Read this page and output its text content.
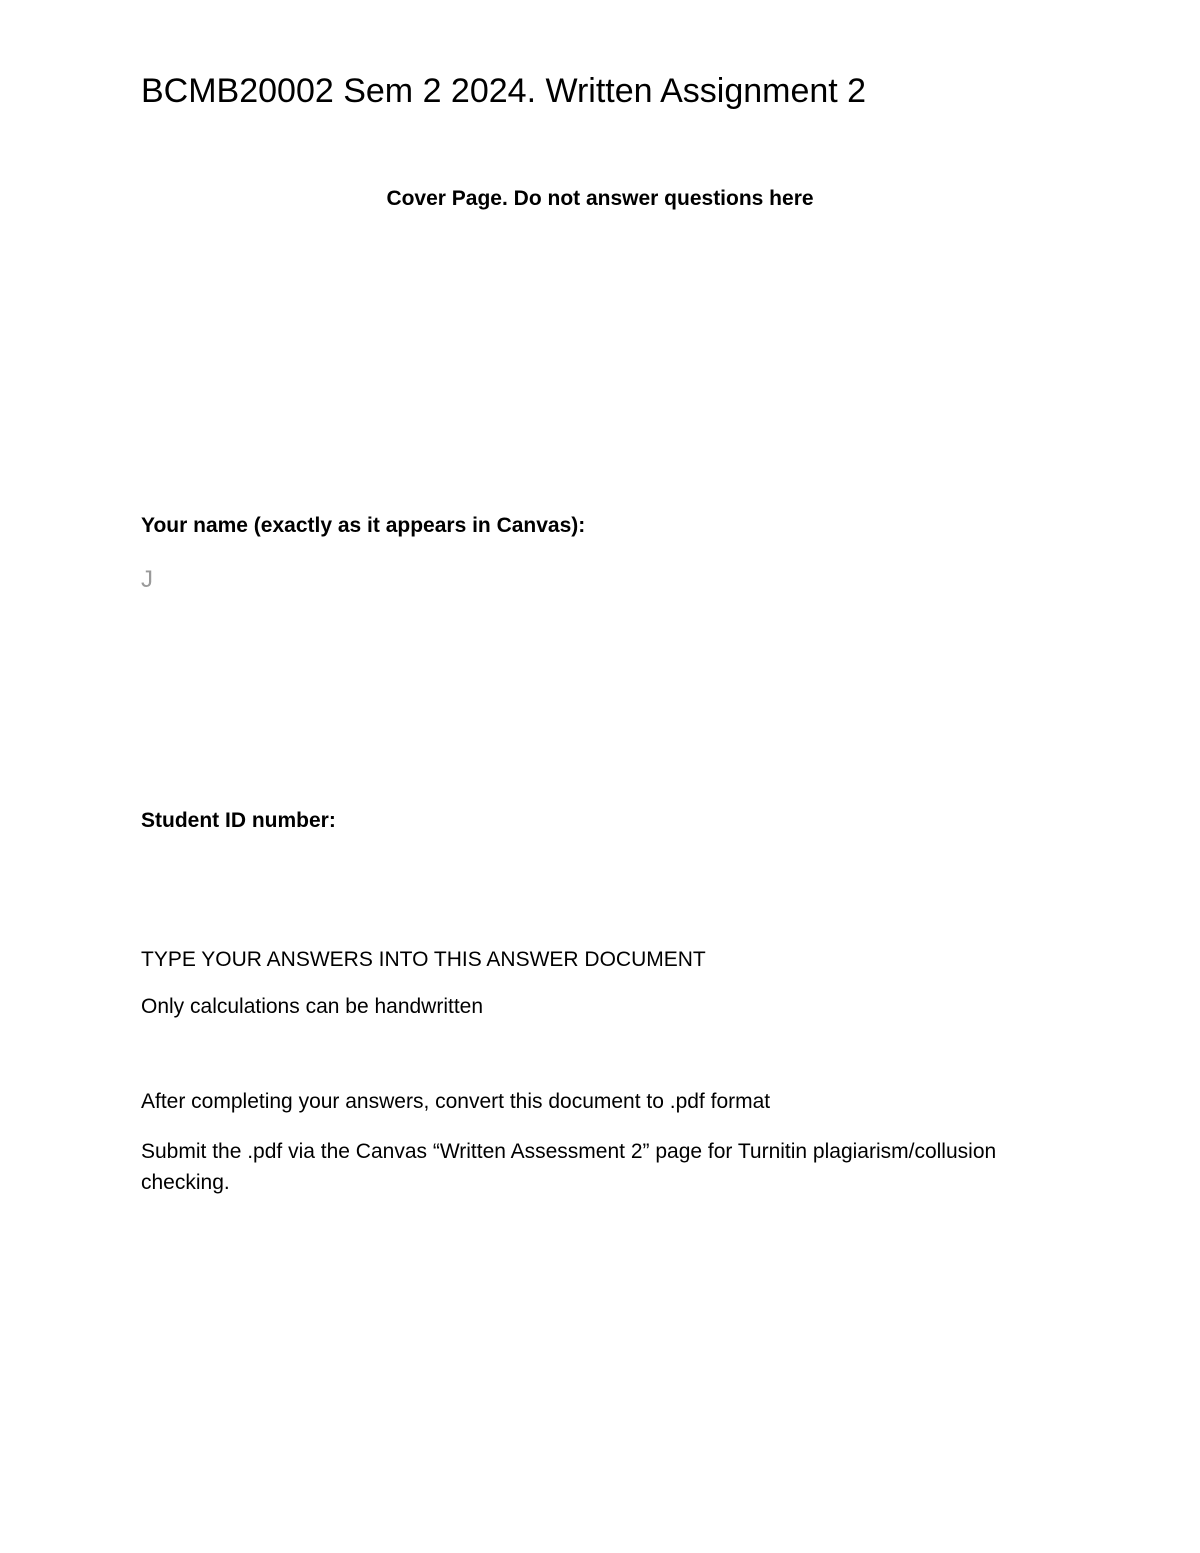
BCMB20002 Sem 2 2024. Written Assignment 2

Cover Page. Do not answer questions here

Your name (exactly as it appears in Canvas):

J

Student ID number:

TYPE YOUR ANSWERS INTO THIS ANSWER DOCUMENT

Only calculations can be handwritten

After completing your answers, convert this document to .pdf format

Submit the .pdf via the Canvas “Written Assessment 2” page for Turnitin plagiarism/collusion checking.
